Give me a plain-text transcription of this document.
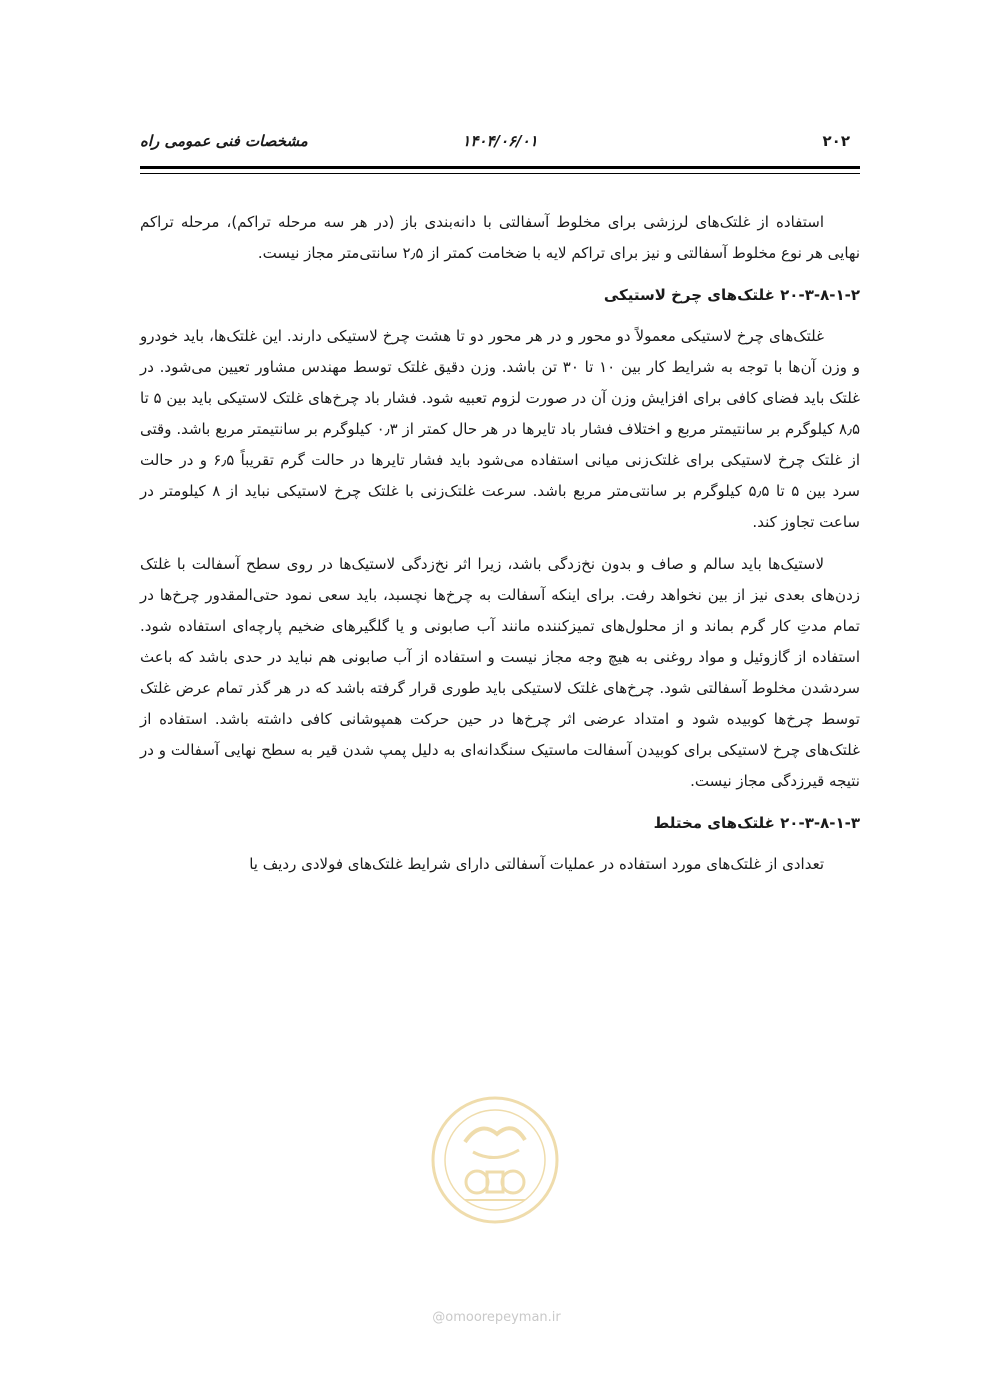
۲۰۲
۱۴۰۴/۰۶/۰۱
مشخصات فنی عمومی راه

استفاده از غلتک‌های لرزشی برای مخلوط آسفالتی با دانه‌بندی باز (در هر سه مرحله تراکم)، مرحله تراکم نهایی هر نوع مخلوط آسفالتی و نیز برای تراکم لایه با ضخامت کمتر از ۲٫۵ سانتی‌متر مجاز نیست.

۲۰-۳-۸-۱-۲ غلتک‌های چرخ لاستیکی

غلتک‌های چرخ لاستیکی معمولاً دو محور و در هر محور دو تا هشت چرخ لاستیکی دارند. این غلتک‌ها، باید خودرو و وزن آن‌ها با توجه به شرایط کار بین ۱۰ تا ۳۰ تن باشد. وزن دقیق غلتک توسط مهندس مشاور تعیین می‌شود. در غلتک باید فضای کافی برای افزایش وزن آن در صورت لزوم تعبیه شود. فشار باد چرخ‌های غلتک لاستیکی باید بین ۵ تا ۸٫۵ کیلوگرم بر سانتیمتر مربع و اختلاف فشار باد تایرها در هر حال کمتر از ۰٫۳ کیلوگرم بر سانتیمتر مربع باشد. وقتی از غلتک چرخ لاستیکی برای غلتک‌زنی میانی استفاده می‌شود باید فشار تایرها در حالت گرم تقریباً ۶٫۵ و در حالت سرد بین ۵ تا ۵٫۵ کیلوگرم بر سانتی‌متر مربع باشد. سرعت غلتک‌زنی با غلتک چرخ لاستیکی نباید از ۸ کیلومتر در ساعت تجاوز کند.

لاستیک‌ها باید سالم و صاف و بدون نخ‌زدگی باشد، زیرا اثر نخ‌زدگی لاستیک‌ها در روی سطح آسفالت با غلتک زدن‌های بعدی نیز از بین نخواهد رفت. برای اینکه آسفالت به چرخ‌ها نچسبد، باید سعی نمود حتی‌المقدور چرخ‌ها در تمام مدتِ کار گرم بماند و از محلول‌های تمیزکننده مانند آب صابونی و یا گلگیرهای ضخیم پارچه‌ای استفاده شود. استفاده از گازوئیل و مواد روغنی به هیچ وجه مجاز نیست و استفاده از آب صابونی هم نباید در حدی باشد که باعث سردشدن مخلوط آسفالتی شود. چرخ‌های غلتک لاستیکی باید طوری قرار گرفته باشد که در هر گذر تمام عرض غلتک توسط چرخ‌ها کوبیده شود و امتداد عرضی اثر چرخ‌ها در حین حرکت همپوشانی کافی داشته باشد. استفاده از غلتک‌های چرخ لاستیکی برای کوبیدن آسفالت ماستیک سنگدانه‌ای به دلیل پمپ شدن قیر به سطح نهایی آسفالت و در نتیجه قیرزدگی مجاز نیست.

۲۰-۳-۸-۱-۳ غلتک‌های مختلط

تعدادی از غلتک‌های مورد استفاده در عملیات آسفالتی دارای شرایط غلتک‌های فولادی ردیف یا

@omoorepeyman.ir
